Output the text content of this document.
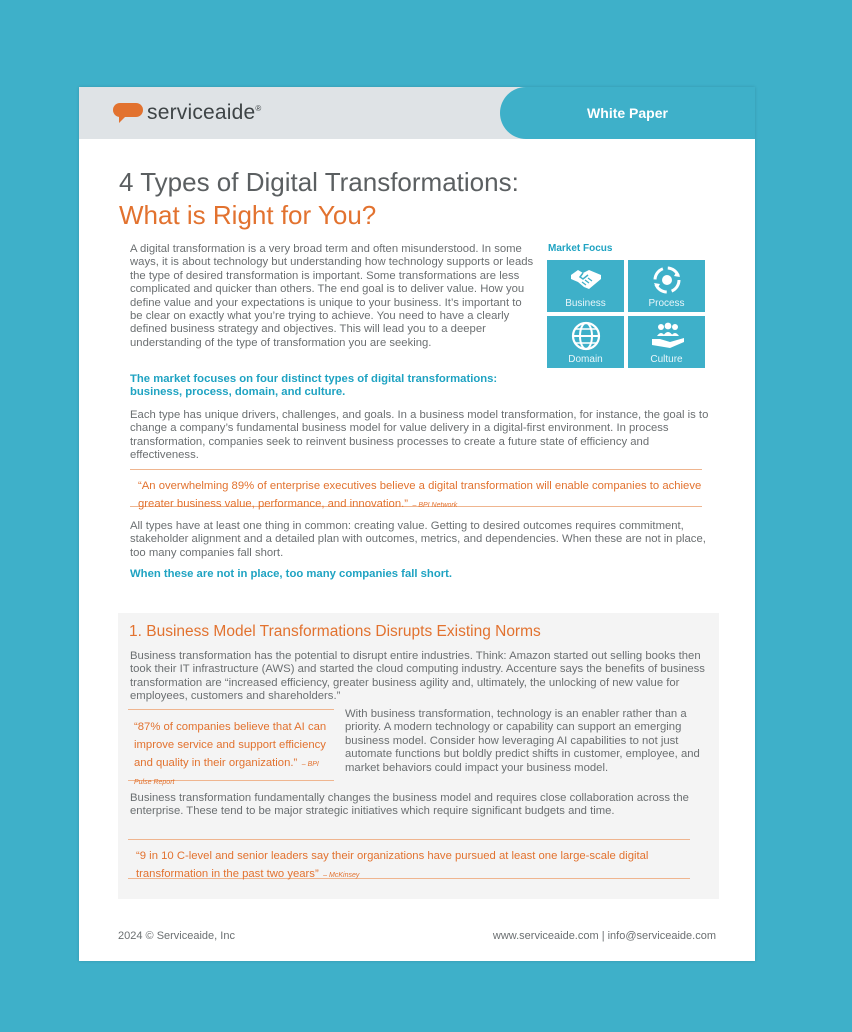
serviceaide®	White Paper
4 Types of Digital Transformations:
What is Right for You?

A digital transformation is a very broad term and often misunderstood. In some ways, it is about technology but understanding how technology supports or leads the type of desired transformation is important. Some transformations are less complicated and quicker than others. The end goal is to deliver value. How you define value and your expectations is unique to your business. It’s important to be clear on exactly what you’re trying to achieve. You need to have a clearly defined business strategy and objectives. This will lead you to a deeper understanding of the type of transformation you are seeking.

Market Focus
Business	Process
Domain	Culture

The market focuses on four distinct types of digital transformations: business, process, domain, and culture.

Each type has unique drivers, challenges, and goals. In a business model transformation, for instance, the goal is to change a company’s fundamental business model for value delivery in a digital-first environment. In process transformation, companies seek to reinvent business processes to create a future state of efficiency and effectiveness.

“An overwhelming 89% of enterprise executives believe a digital transformation will enable companies to achieve greater business value, performance, and innovation.” – BPI Network

All types have at least one thing in common: creating value. Getting to desired outcomes requires commitment, stakeholder alignment and a detailed plan with outcomes, metrics, and dependencies. When these are not in place, too many companies fall short.

When these are not in place, too many companies fall short.

1. Business Model Transformations Disrupts Existing Norms

Business transformation has the potential to disrupt entire industries. Think: Amazon started out selling books then took their IT infrastructure (AWS) and started the cloud computing industry. Accenture says the benefits of business transformation are “increased efficiency, greater business agility and, ultimately, the unlocking of new value for employees, customers and shareholders.”

“87% of companies believe that AI can improve service and support efficiency and quality in their organization.” – BPI Pulse Report

With business transformation, technology is an enabler rather than a priority. A modern technology or capability can support an emerging business model. Consider how leveraging AI capabilities to not just automate functions but boldly predict shifts in customer, employee, and market behaviors could impact your business model.

Business transformation fundamentally changes the business model and requires close collaboration across the enterprise. These tend to be major strategic initiatives which require significant budgets and time.

“9 in 10 C-level and senior leaders say their organizations have pursued at least one large-scale digital transformation in the past two years” – McKinsey
2024 © Serviceaide, Inc	www.serviceaide.com | info@serviceaide.com
